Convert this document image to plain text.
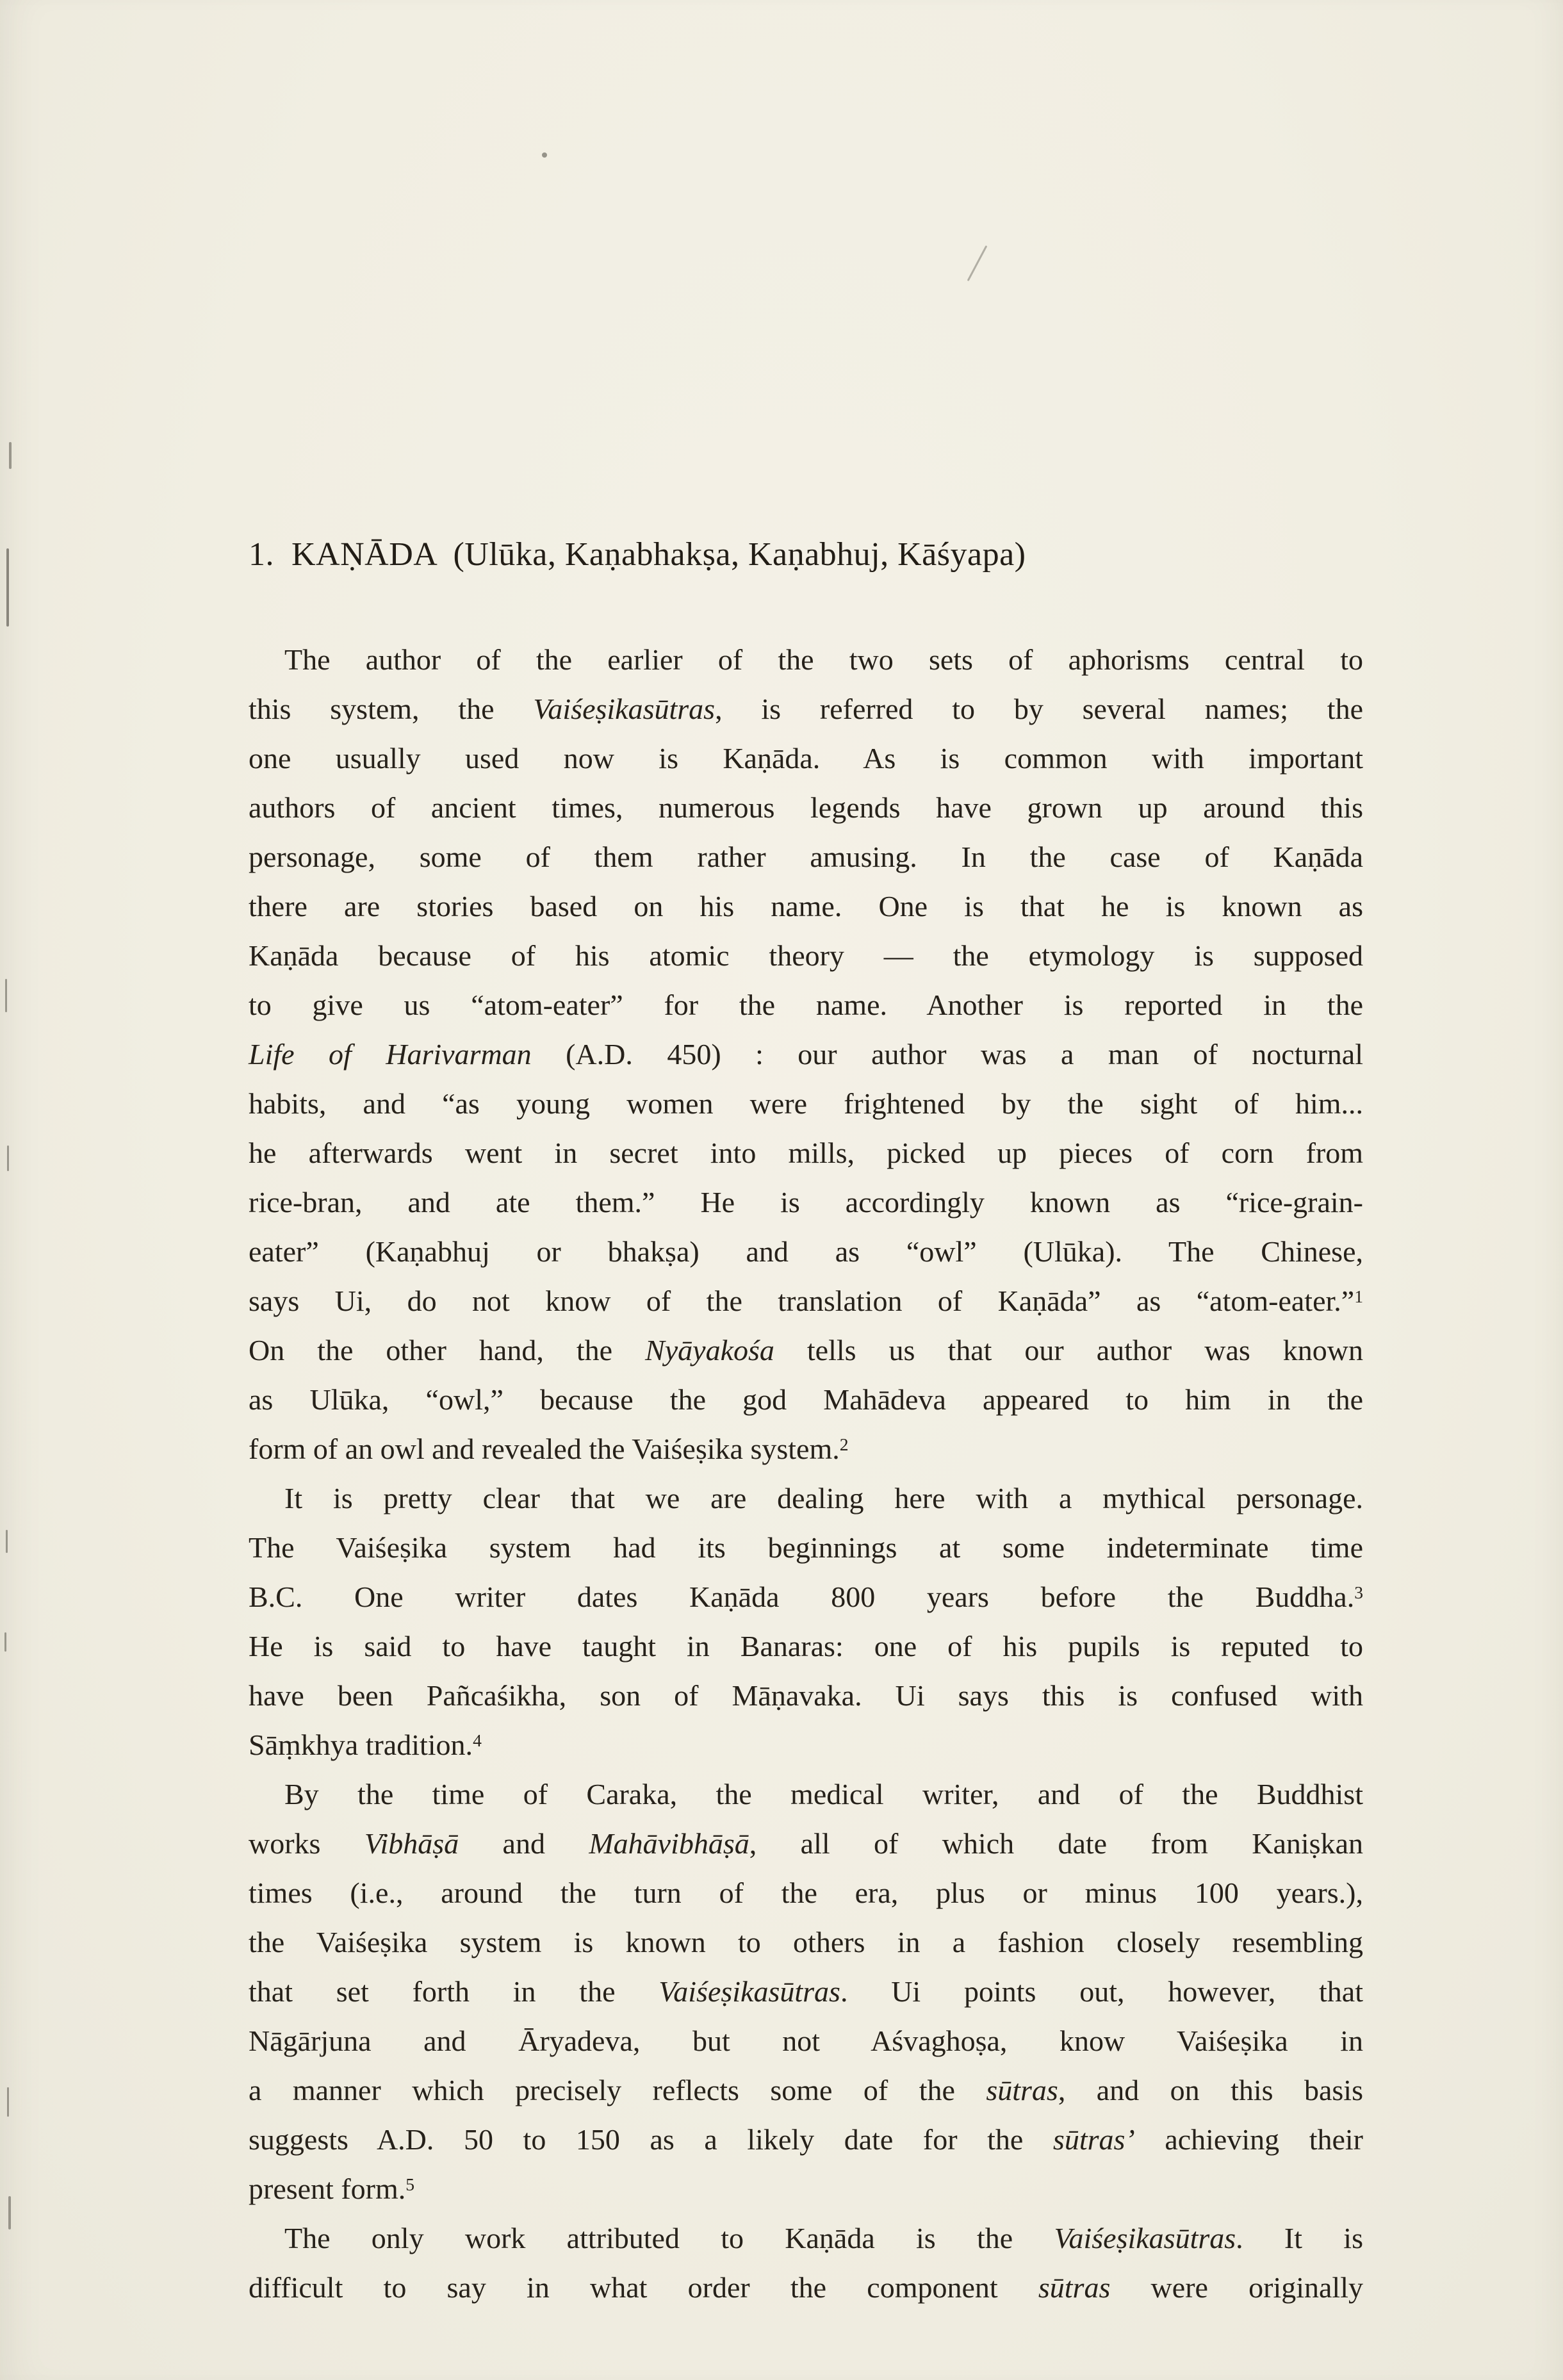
1.  KAṆĀDA  (Ulūka, Kaṇabhakṣa, Kaṇabhuj, Kāśyapa)

The author of the earlier of the two sets of aphorisms central to
this system, the Vaiśeṣikasūtras, is referred to by several names; the
one usually used now is Kaṇāda. As is common with important
authors of ancient times, numerous legends have grown up around this
personage, some of them rather amusing. In the case of Kaṇāda
there are stories based on his name. One is that he is known as
Kaṇāda because of his atomic theory — the etymology is supposed
to give us “atom-eater” for the name. Another is reported in the
Life of Harivarman (A.D. 450) : our author was a man of nocturnal
habits, and “as young women were frightened by the sight of him...
he afterwards went in secret into mills, picked up pieces of corn from
rice-bran, and ate them.” He is accordingly known as “rice-grain-
eater” (Kaṇabhuj or bhakṣa) and as “owl” (Ulūka). The Chinese,
says Ui, do not know of the translation of Kaṇāda” as “atom-eater.”$^1$
On the other hand, the Nyāyakośa tells us that our author was known
as Ulūka, “owl,” because the god Mahādeva appeared to him in the
form of an owl and revealed the Vaiśeṣika system.$^2$

It is pretty clear that we are dealing here with a mythical personage.
The Vaiśeṣika system had its beginnings at some indeterminate time
B.C. One writer dates Kaṇāda 800 years before the Buddha.$^3$
He is said to have taught in Banaras: one of his pupils is reputed to
have been Pañcaśikha, son of Māṇavaka. Ui says this is confused with
Sāṃkhya tradition.$^4$

By the time of Caraka, the medical writer, and of the Buddhist
works Vibhāṣā and Mahāvibhāṣā, all of which date from Kaniṣkan
times (i.e., around the turn of the era, plus or minus 100 years.),
the Vaiśeṣika system is known to others in a fashion closely resembling
that set forth in the Vaiśeṣikasūtras. Ui points out, however, that
Nāgārjuna and Āryadeva, but not Aśvaghoṣa, know Vaiśeṣika in
a manner which precisely reflects some of the sūtras, and on this basis
suggests A.D. 50 to 150 as a likely date for the sūtras’ achieving their
present form.$^5$

The only work attributed to Kaṇāda is the Vaiśeṣikasūtras. It is
difficult to say in what order the component sūtras were originally
